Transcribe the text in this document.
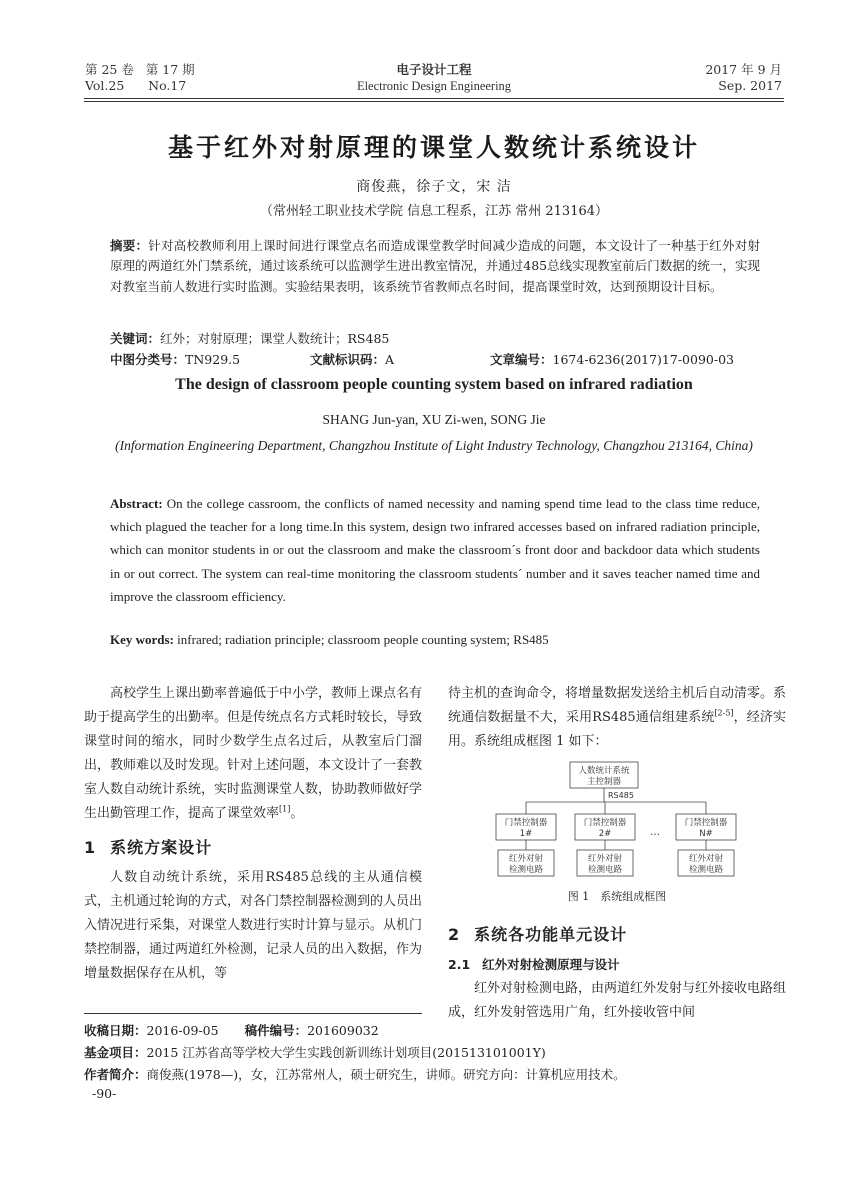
第 25 卷 第 17 期
Vol.25 No.17
电子设计工程
Electronic Design Engineering
2017 年 9 月
Sep. 2017
基于红外对射原理的课堂人数统计系统设计
商俊燕，徐子文，宋 洁
（常州轻工职业技术学院 信息工程系，江苏 常州 213164）
摘要：针对高校教师利用上课时间进行课堂点名而造成课堂教学时间减少造成的问题，本文设计了一种基于红外对射原理的两道红外门禁系统，通过该系统可以监测学生进出教室情况，并通过485总线实现教室前后门数据的统一，实现对教室当前人数进行实时监测。实验结果表明，该系统节省教师点名时间，提高课堂时效，达到预期设计目标。
关键词：红外；对射原理；课堂人数统计；RS485
中图分类号：TN929.5	文献标识码：A	文章编号：1674-6236(2017)17-0090-03
The design of classroom people counting system based on infrared radiation
SHANG Jun-yan, XU Zi-wen, SONG Jie
(Information Engineering Department, Changzhou Institute of Light Industry Technology, Changzhou 213164, China)
Abstract: On the college cassroom, the conflicts of named necessity and naming spend time lead to the class time reduce, which plagued the teacher for a long time.In this system, design two infrared accesses based on infrared radiation principle, which can monitor students in or out the classroom and make the classroom´s front door and backdoor data which students in or out correct. The system can real-time monitoring the classroom students´ number and it saves teacher named time and improve the classroom efficiency.
Key words: infrared; radiation principle; classroom people counting system; RS485

高校学生上课出勤率普遍低于中小学，教师上课点名有助于提高学生的出勤率。但是传统点名方式耗时较长，导致课堂时间的缩水，同时少数学生点名过后，从教室后门溜出，教师难以及时发现。针对上述问题，本文设计了一套教室人数自动统计系统，实时监测课堂人数，协助教师做好学生出勤管理工作，提高了课堂效率[1]。

1 系统方案设计

人数自动统计系统，采用RS485总线的主从通信模式，主机通过轮询的方式，对各门禁控制器检测到的人员出入情况进行采集，对课堂人数进行实时计算与显示。从机门禁控制器，通过两道红外检测，记录人员的出入数据，作为增量数据保存在从机，等

待主机的查询命令，将增量数据发送给主机后自动清零。系统通信数据量不大，采用RS485通信组建系统[2-5]，经济实用。系统组成框图 1 如下：

人数统计系统
主控制器
RS485
门禁控制器
1#
门禁控制器
2#	…
门禁控制器
N#
红外对射
检测电路
红外对射
检测电路
红外对射
检测电路
图 1　系统组成框图
2 系统各功能单元设计
2.1 红外对射检测原理与设计

红外对射检测电路，由两道红外发射与红外接收电路组成，红外发射管选用广角，红外接收管中间

收稿日期：2016-09-05 稿件编号：201609032
基金项目：2015 江苏省高等学校大学生实践创新训练计划项目(201513101001Y)
作者简介：商俊燕(1978—)，女，江苏常州人，硕士研究生，讲师。研究方向：计算机应用技术。
-90-
